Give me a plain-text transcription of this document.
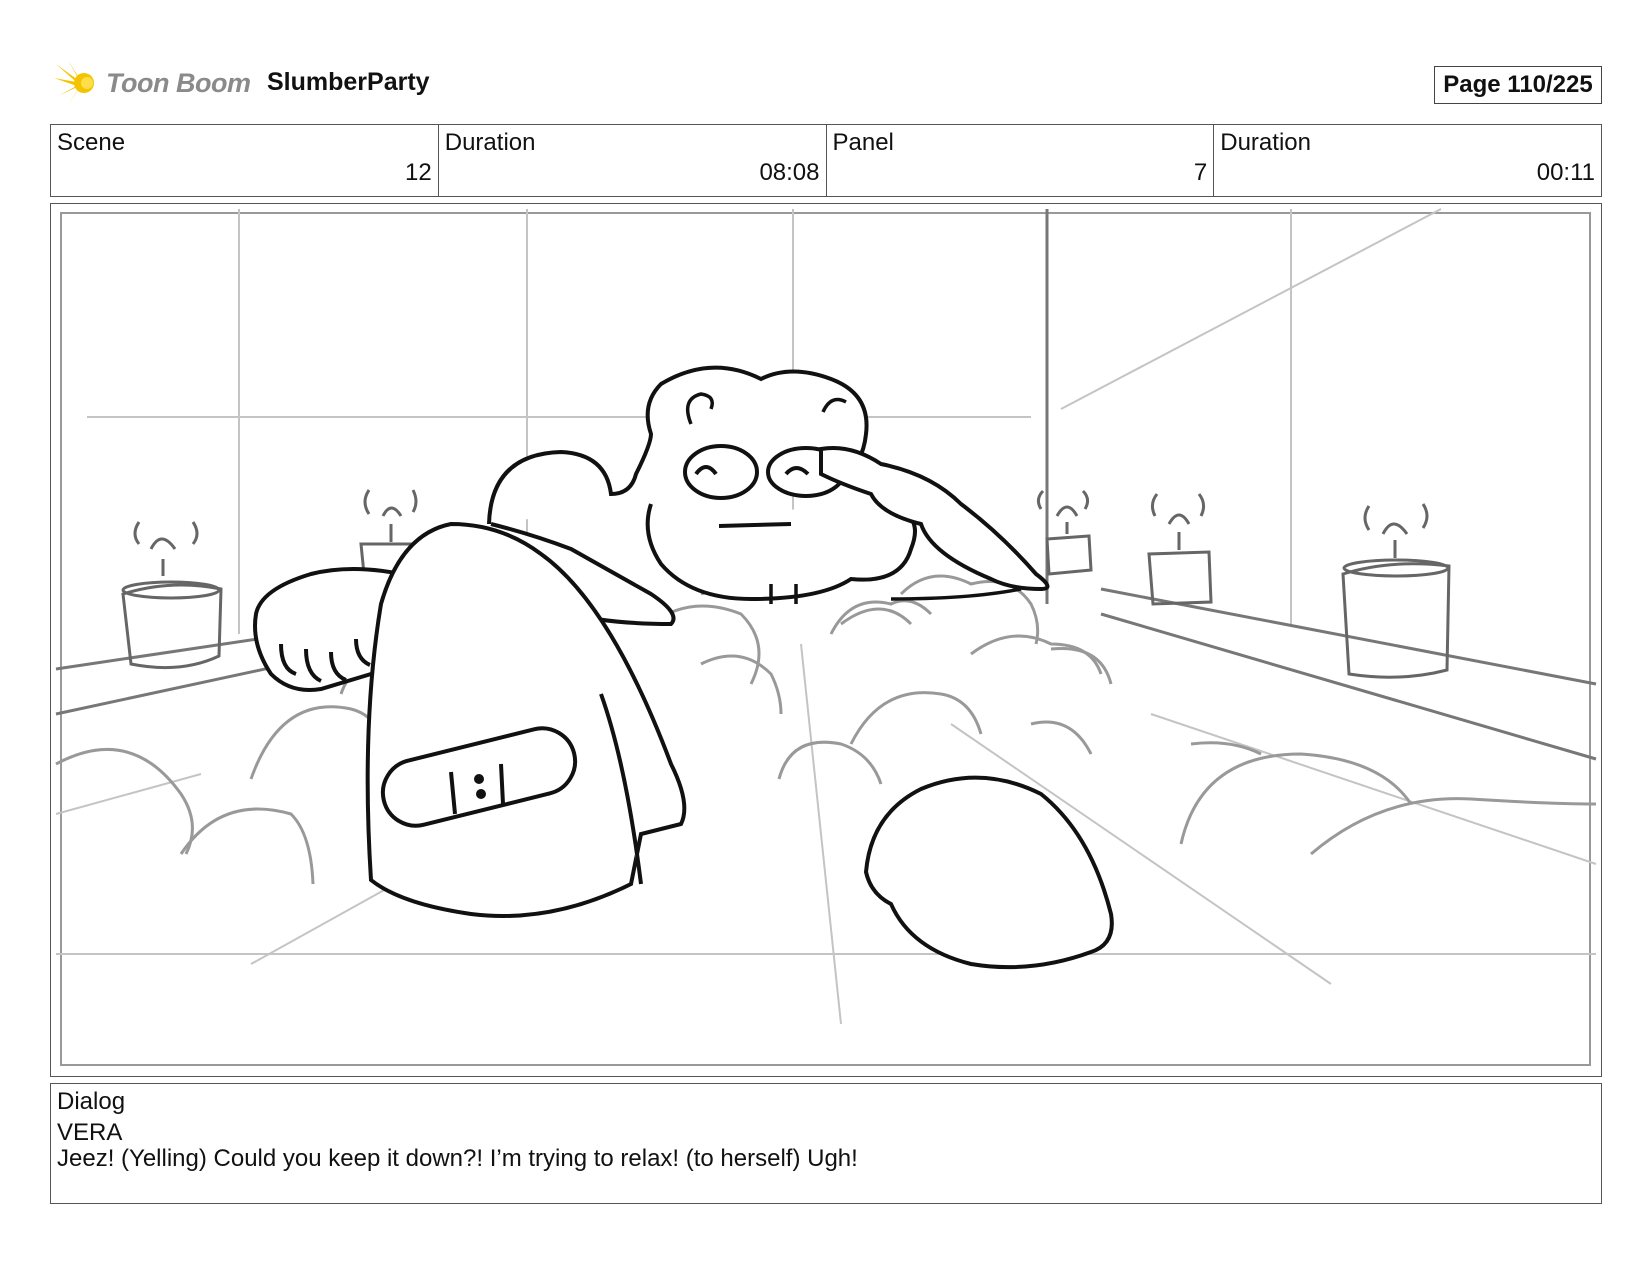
Toon Boom SlumberParty	Page 110/225
Scene
12
Duration
08:08
Panel
7
Duration
00:11
Dialog
VERA
Jeez! (Yelling) Could you keep it down?! I’m trying to relax! (to herself) Ugh!
